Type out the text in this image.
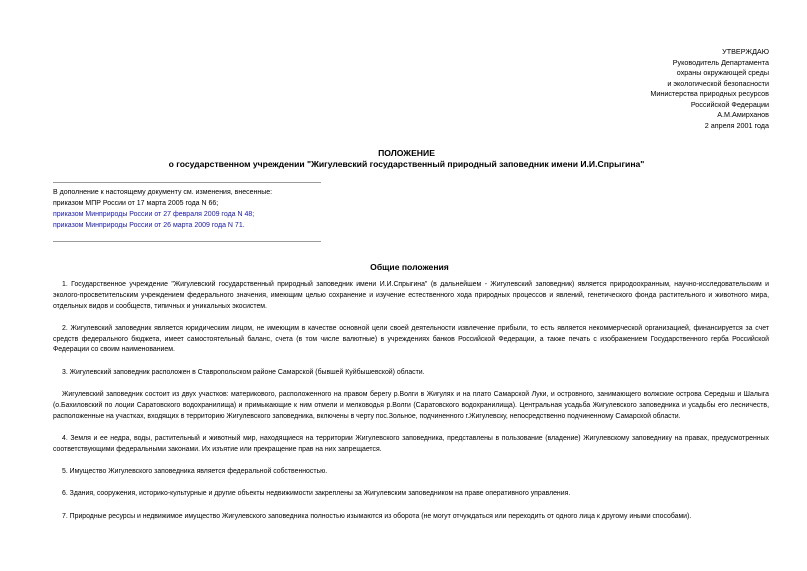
УТВЕРЖДАЮ
Руководитель Департамента
охраны окружающей среды
и экологической безопасности
Министерства природных ресурсов
Российской Федерации
А.М.Амирханов
2 апреля 2001 года
ПОЛОЖЕНИЕ
о государственном учреждении "Жигулевский государственный природный заповедник имени И.И.Спрыгина"
В дополнение к настоящему документу см. изменения, внесенные:
приказом МПР России от 17 марта 2005 года N 66;
приказом Минприроды России от 27 февраля 2009 года N 48;
приказом Минприроды России от 26 марта 2009 года N 71.
Общие положения

1. Государственное учреждение "Жигулевский государственный природный заповедник имени И.И.Спрыгина" (в дальнейшем - Жигулевский заповедник) является природоохранным, научно-исследовательским и эколого-просветительским учреждением федерального значения, имеющим целью сохранение и изучение естественного хода природных процессов и явлений, генетического фонда растительного и животного мира, отдельных видов и сообществ, типичных и уникальных экосистем.

2. Жигулевский заповедник является юридическим лицом, не имеющим в качестве основной цели своей деятельности извлечение прибыли, то есть является некоммерческой организацией, финансируется за счет средств федерального бюджета, имеет самостоятельный баланс, счета (в том числе валютные) в учреждениях банков Российской Федерации, а также печать с изображением Государственного герба Российской Федерации со своим наименованием.

3. Жигулевский заповедник расположен в Ставропольском районе Самарской (бывшей Куйбышевской) области.

Жигулевский заповедник состоит из двух участков: материкового, расположенного на правом берегу р.Волги в Жигулях и на плато Самарской Луки, и островного, занимающего волжские острова Середыш и Шалыга (о.Бахиловский по лоции Саратовского водохранилища) и примыкающие к ним отмели и мелководья р.Волги (Саратовского водохранилища). Центральная усадьба Жигулевского заповедника и усадьбы его лесничеств, расположенные на участках, входящих в территорию Жигулевского заповедника, включены в черту пос.Зольное, подчиненного г.Жигулевску, непосредственно подчиненному Самарской области.

4. Земля и ее недра, воды, растительный и животный мир, находящиеся на территории Жигулевского заповедника, представлены в пользование (владение) Жигулевскому заповеднику на правах, предусмотренных соответствующими федеральными законами. Их изъятие или прекращение прав на них запрещается.

5. Имущество Жигулевского заповедника является федеральной собственностью.

6. Здания, сооружения, историко-культурные и другие объекты недвижимости закреплены за Жигулевским заповедником на праве оперативного управления.

7. Природные ресурсы и недвижимое имущество Жигулевского заповедника полностью изымаются из оборота (не могут отчуждаться или переходить от одного лица к другому иными способами).
